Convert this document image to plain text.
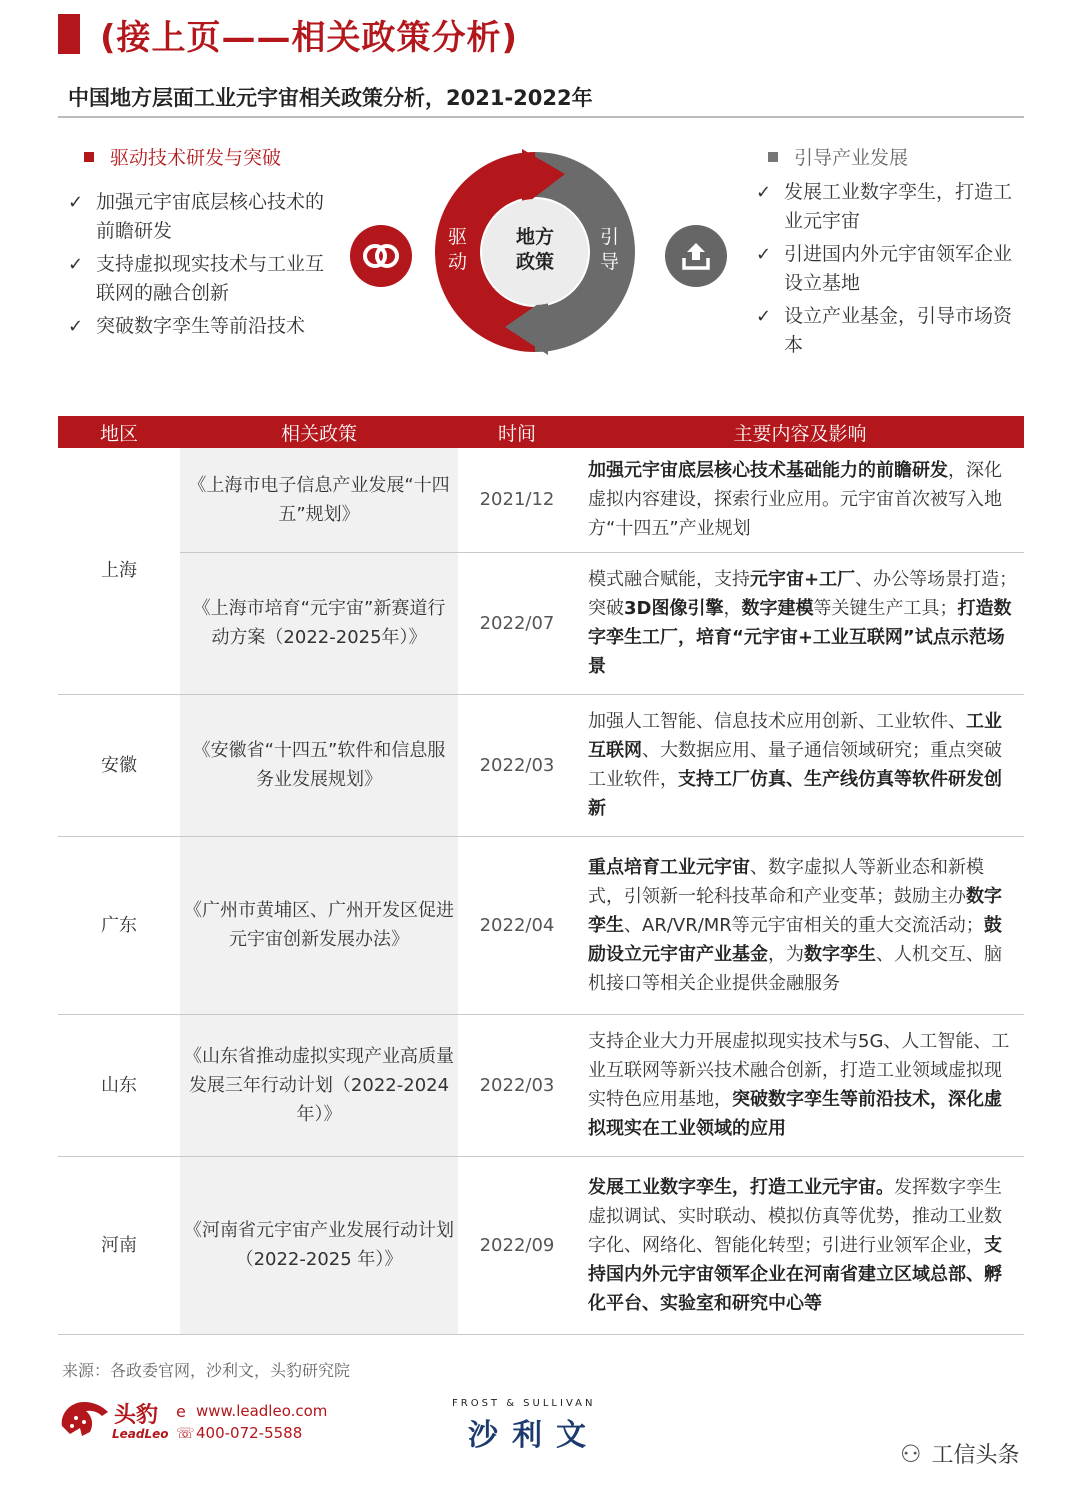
(接上页——相关政策分析)
中国地方层面工业元宇宙相关政策分析，2021-2022年
驱动技术研发与突破
✓ 加强元宇宙底层核心技术的前瞻研发
✓ 支持虚拟现实技术与工业互联网的融合创新
✓ 突破数字孪生等前沿技术
地方
政策
驱动
引导
引导产业发展
✓ 发展工业数字孪生，打造工业元宇宙
✓ 引进国内外元宇宙领军企业设立基地
✓ 设立产业基金，引导市场资本
地区	相关政策	时间	主要内容及影响
上海	《上海市电子信息产业发展“十四五”规划》	2021/12	加强元宇宙底层核心技术基础能力的前瞻研发，深化虚拟内容建设，探索行业应用。元宇宙首次被写入地方“十四五”产业规划
	《上海市培育“元宇宙”新赛道行动方案（2022-2025年）》	2022/07	模式融合赋能，支持元宇宙+工厂、办公等场景打造；突破3D图像引擎，数字建模等关键生产工具；打造数字孪生工厂，培育“元宇宙+工业互联网”试点示范场景
安徽	《安徽省“十四五”软件和信息服务业发展规划》	2022/03	加强人工智能、信息技术应用创新、工业软件、工业互联网、大数据应用、量子通信领域研究；重点突破工业软件，支持工厂仿真、生产线仿真等软件研发创新
广东	《广州市黄埔区、广州开发区促进元宇宙创新发展办法》	2022/04	重点培育工业元宇宙、数字虚拟人等新业态和新模式，引领新一轮科技革命和产业变革；鼓励主办数字孪生、AR/VR/MR等元宇宙相关的重大交流活动；鼓励设立元宇宙产业基金，为数字孪生、人机交互、脑机接口等相关企业提供金融服务
山东	《山东省推动虚拟实现产业高质量发展三年行动计划（2022-2024年）》	2022/03	支持企业大力开展虚拟现实技术与5G、人工智能、工业互联网等新兴技术融合创新，打造工业领域虚拟现实特色应用基地，突破数字孪生等前沿技术，深化虚拟现实在工业领域的应用
河南	《河南省元宇宙产业发展行动计划（2022-2025 年）》	2022/09	发展工业数字孪生，打造工业元宇宙。发挥数字孪生虚拟调试、实时联动、模拟仿真等优势，推动工业数字化、网络化、智能化转型；引进行业领军企业，支持国内外元宇宙领军企业在河南省建立区域总部、孵化平台、实验室和研究中心等
来源：各政委官网，沙利文，头豹研究院
头豹
LeadLeo
www.leadleo.com
400-072-5588
e
☏
FROST & SULLIVAN
沙利文
⚇ 工信头条
